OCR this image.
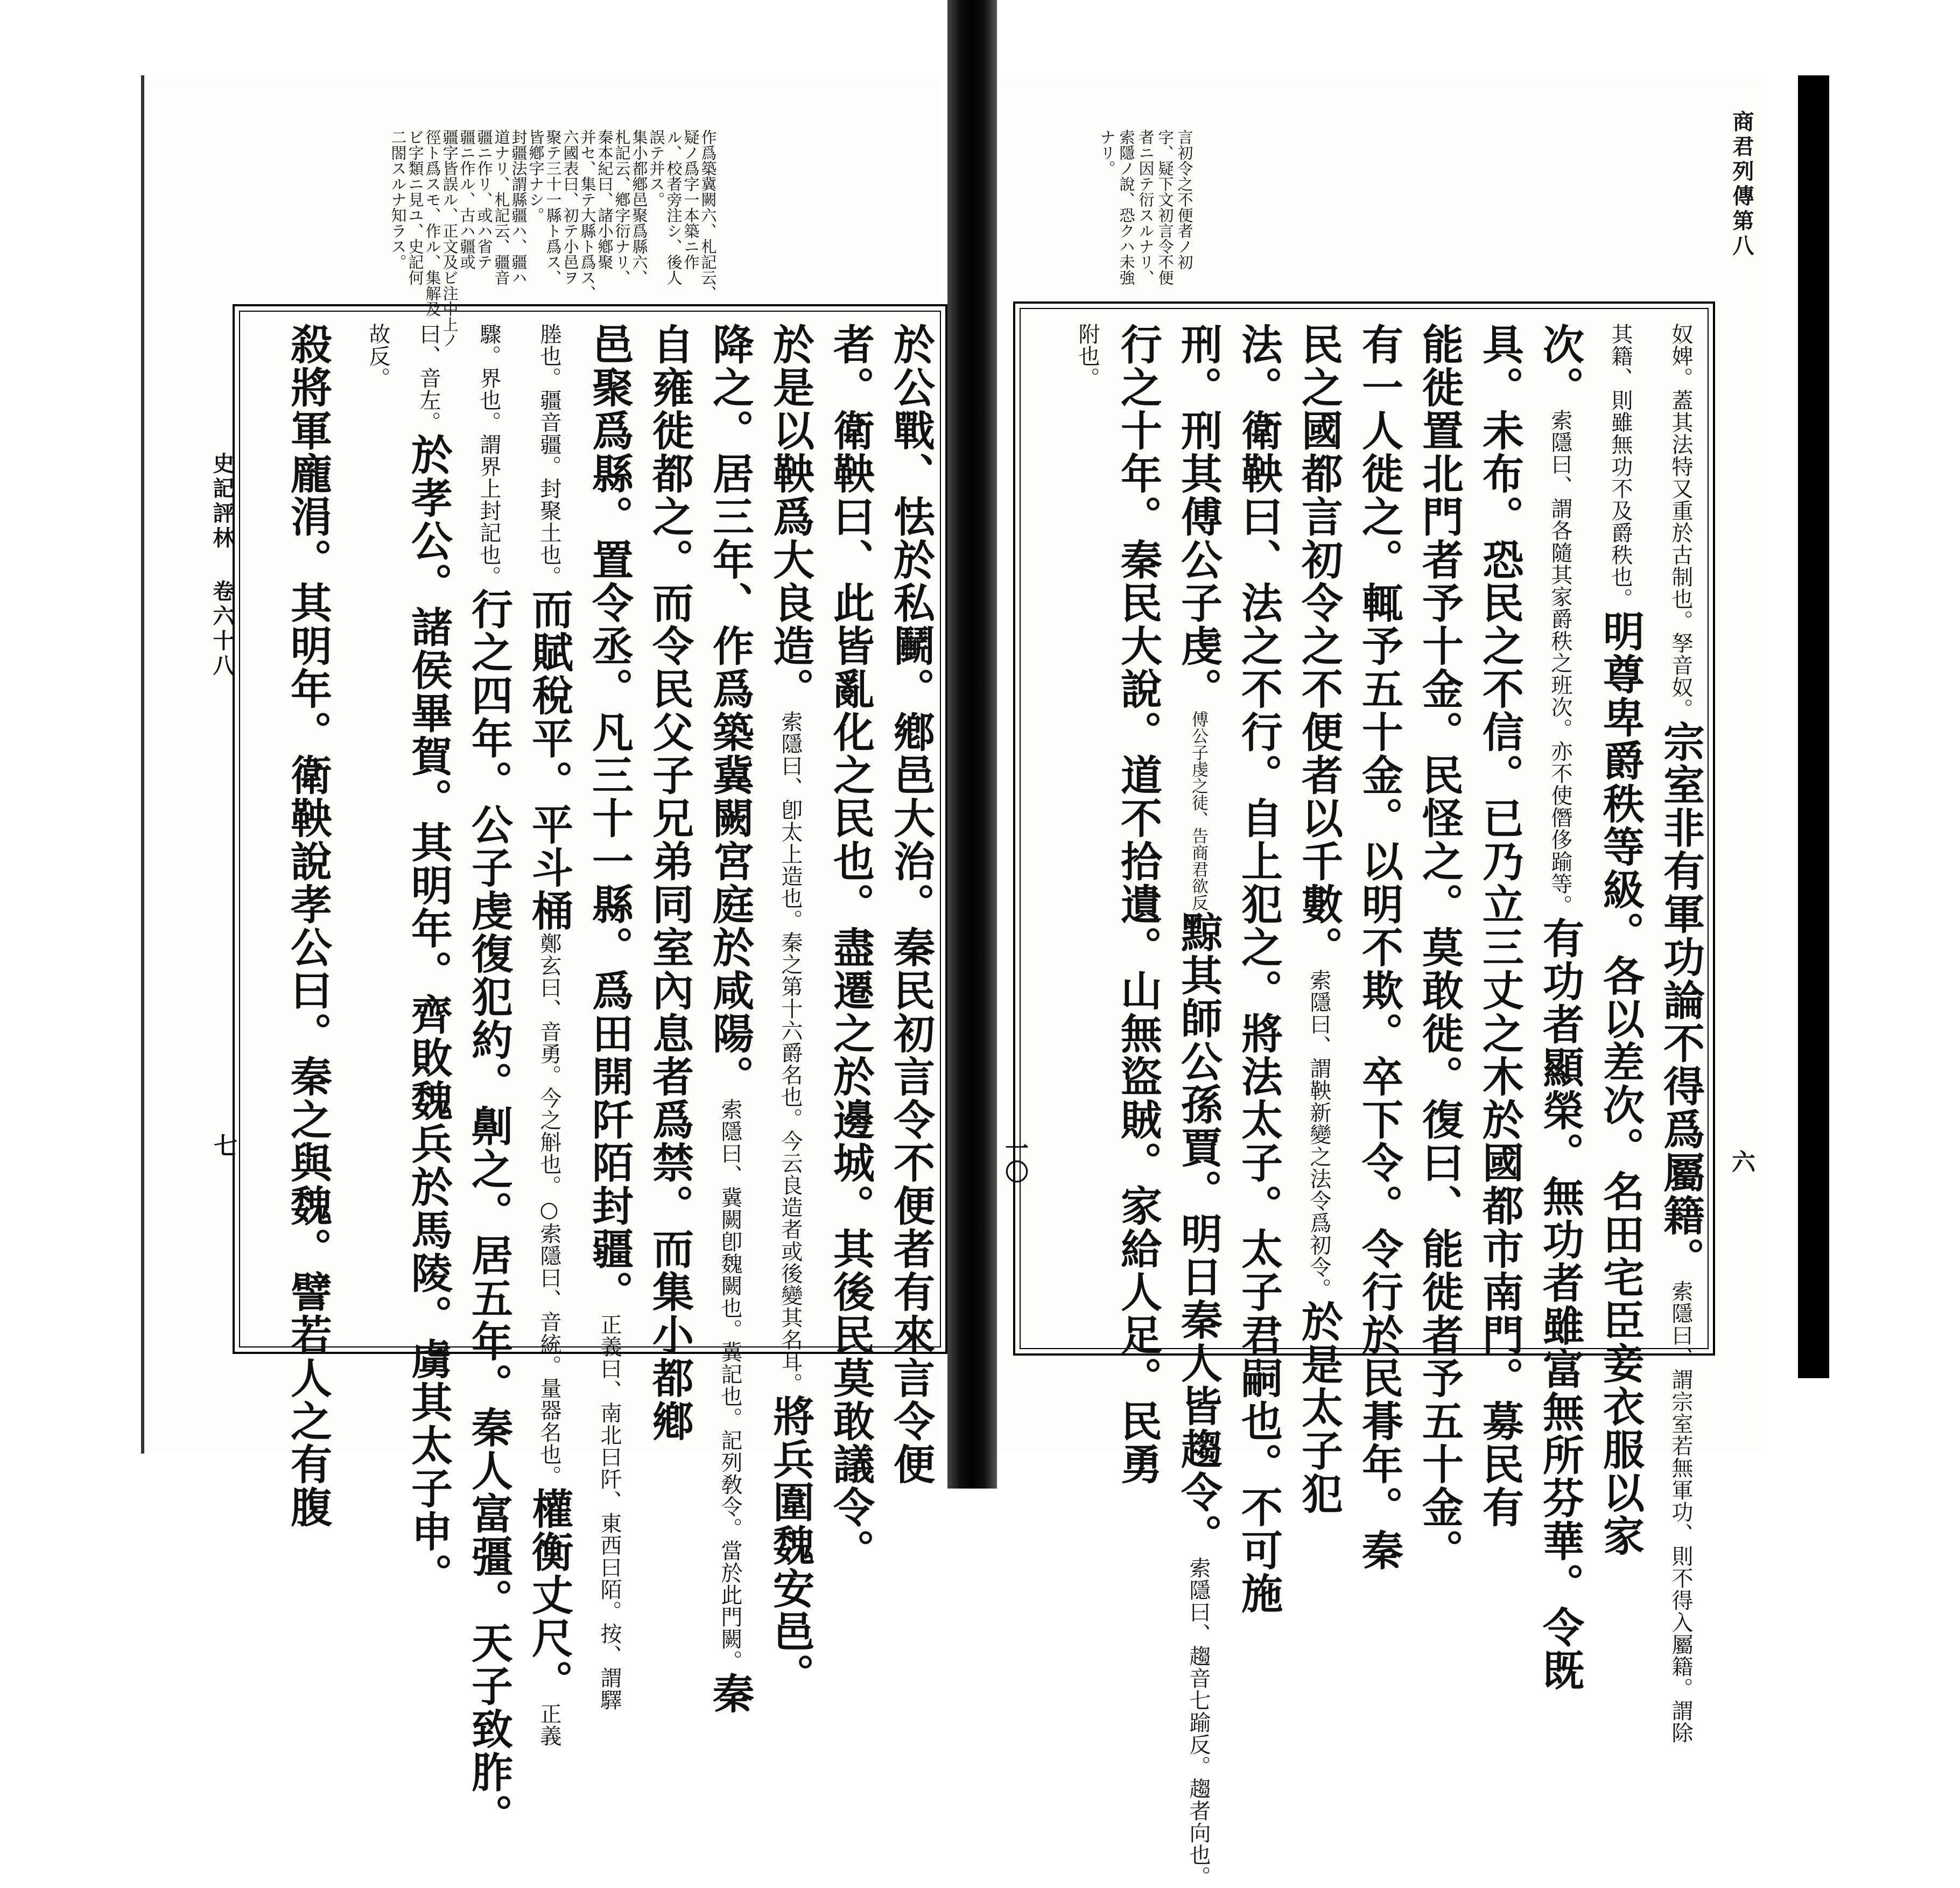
史記評林 卷六十八
七
商君列傳第八
六
一〇
作爲築冀闕六、札記云、
疑ノ爲字一本築ニ作
ル、校者旁注シ、後人
誤テ并ス。
集小都鄕邑聚爲縣六、
札記云、鄕字衍ナリ、
秦本紀曰、諸小鄕聚
并セ、集テ大縣ト爲ス、
六國表曰、初テ小邑ヲ
聚テ三十一縣ト爲ス、
皆鄕字ナシ。
封疆法謂縣疆ハ、疆ハ
道ナリ、札記云、疆音
疆ニ作リ、或ハ省テ
疆ニ作ル、古ハ疆或
疆字皆誤ル、正文及ビ注中上ノ
徑ト爲スモ、作ル、集解及
ビ字類ニ見ユ、史記何
二閤スルナ知ラス。	言初令之不便者ノ初
字、疑下文初言令不便
者ニ因テ衍スルナリ、
索隱ノ說、恐クハ未強
ナリ。
於公戰、怯於私鬭。鄕邑大治。秦民初言令不便者有來言令便
者。衛鞅曰、此皆亂化之民也。盡遷之於邊城。其後民莫敢議令。
於是以鞅爲大良造。索隱曰、卽太上造也。秦之第十六爵名也。今云良造者或後變其名耳。將兵圍魏安邑。
降之。居三年、作爲築冀闕宮庭於咸陽。索隱曰、冀闕卽魏闕也。冀記也。記列敎令。當於此門闕。秦
自雍徙都之。而令民父子兄弟同室內息者爲禁。而集小都鄕
邑聚爲縣。置令丞。凡三十一縣。爲田開阡陌封疆。正義曰、南北曰阡、東西曰陌。按、謂驛
塍也。疆音疆。封聚土也。而賦稅平。平斗桶鄭玄曰、音勇。今之斛也。○索隱曰、音統。量器名也。權衡丈尺。正義
驟。界也。謂界上封記也。行之四年。公子虔復犯約。劓之。居五年。秦人富彊。天子致胙。
曰、音左。於孝公。諸侯畢賀。其明年。齊敗魏兵於馬陵。虜其太子申。
故反。
殺將軍龐涓。其明年。衛鞅說孝公曰。秦之與魏。譬若人之有腹	奴婢。蓋其法特又重於古制也。孥音奴。宗室非有軍功論不得爲屬籍。索隱曰、謂宗室若無軍功、則不得入屬籍。謂除
其籍、則雖無功不及爵秩也。明尊卑爵秩等級。各以差次。名田宅臣妾衣服以家
次。索隱曰、謂各隨其家爵秩之班次。亦不使僭侈踰等。有功者顯榮。無功者雖富無所芬華。令既
具。未布。恐民之不信。已乃立三丈之木於國都市南門。募民有
能徙置北門者予十金。民怪之。莫敢徙。復曰、能徙者予五十金。
有一人徙之。輒予五十金。以明不欺。卒下令。令行於民朞年。秦
民之國都言初令之不便者以千數。索隱曰、謂鞅新變之法令爲初令。於是太子犯
法。衛鞅曰、法之不行。自上犯之。將法太子。太子君嗣也。不可施
刑。刑其傅公子虔。傅公子虔之徒、告商君欲反黥其師公孫賈。明日秦人皆趨令。索隱曰、趨音七踰反。趨者向也。
行之十年。秦民大說。道不拾遺。山無盜賊。家給人足。民勇
附也。
